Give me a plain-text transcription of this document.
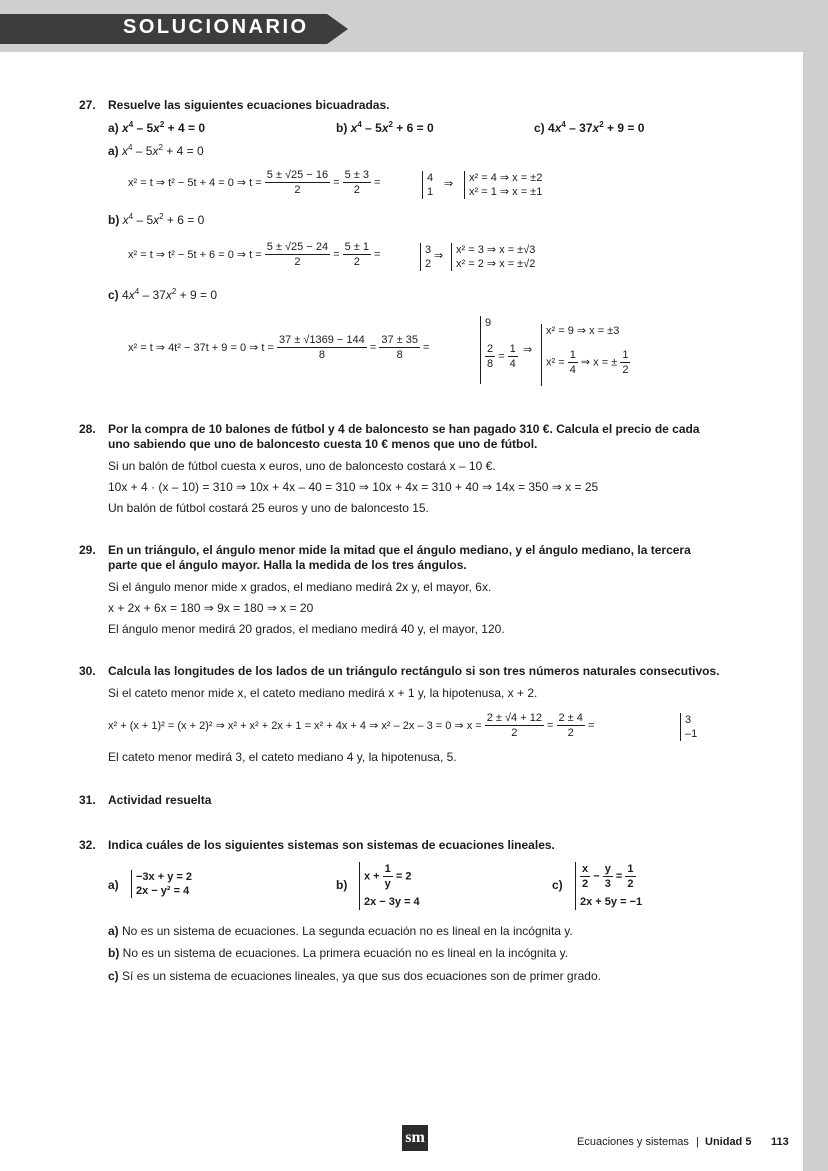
SOLUCIONARIO
27. Resuelve las siguientes ecuaciones bicuadradas.
a) $x^4 - 5x^2 + 4 = 0$	b) $x^4 - 5x^2 + 6 = 0$	c) $4x^4 - 37x^2 + 9 = 0$
a) $x^4 - 5x^2 + 4 = 0$
x² = t ⇒ t² − 5t + 4 = 0 ⇒ $t = \frac{5 \pm √25 - 16}{2} = \frac{5 \pm 3}{2}$ =	4
1
⇒ x² = 4 ⇒ x = ±2
x² = 1 ⇒ x = ±1
b) $x^4 - 5x^2 + 6 = 0$
x² = t ⇒ t² − 5t + 6 = 0 ⇒ $t = \frac{5 \pm √25 - 24}{2} = \frac{5 \pm 1}{2}$ =	3
2
⇒ x² = 3 ⇒ x = ±√3
x² = 2 ⇒ x = ±√2
c) $4x^4 - 37x^2 + 9 = 0$
x² = t ⇒ 4t² − 37t + 9 = 0 ⇒ $t = \frac{37 \pm √1369 - 144}{8} = \frac{37 \pm 35}{8}$ =
9
$\frac{2}{8} = \frac{1}{4}$ ⇒
x² = 9 ⇒ x = ±3
$x^2 = \frac{1}{4}$ ⇒ x = ± $\frac{1}{2}$
28. Por la compra de 10 balones de fútbol y 4 de baloncesto se han pagado 310 €. Calcula el precio de cada
uno sabiendo que uno de baloncesto cuesta 10 € menos que uno de fútbol.
Si un balón de fútbol cuesta x euros, uno de baloncesto costará x – 10 €.
10x + 4 · (x – 10) = 310 ⇒ 10x + 4x – 40 = 310 ⇒ 10x + 4x = 310 + 40 ⇒ 14x = 350 ⇒ x = 25
Un balón de fútbol costará 25 euros y uno de baloncesto 15.
29. En un triángulo, el ángulo menor mide la mitad que el ángulo mediano, y el ángulo mediano, la tercera
parte que el ángulo mayor. Halla la medida de los tres ángulos.
Si el ángulo menor mide x grados, el mediano medirá 2x y, el mayor, 6x.
x + 2x + 6x = 180 ⇒ 9x = 180 ⇒ x = 20
El ángulo menor medirá 20 grados, el mediano medirá 40 y, el mayor, 120.
30. Calcula las longitudes de los lados de un triángulo rectángulo si son tres números naturales consecutivos.
Si el cateto menor mide x, el cateto mediano medirá x + 1 y, la hipotenusa, x + 2.
x² + (x + 1)² = (x + 2)² ⇒ x² + x² + 2x + 1 = x² + 4x + 4 ⇒ x² – 2x – 3 = 0 ⇒ $x = \frac{2 \pm √4 + 12}{2} = \frac{2 \pm 4}{2}$ =	3
–1
El cateto menor medirá 3, el cateto mediano 4 y, la hipotenusa, 5.
31. Actividad resuelta
32. Indica cuáles de los siguientes sistemas son sistemas de ecuaciones lineales.
a)
−3x + y = 2
2x − y² = 4	b)
$x + \frac{1}{y} = 2$
2x − 3y = 4
$c) \frac{x}{2} - \frac{y}{3} = \frac{1}{2}$
2x + 5y = −1
a) No es un sistema de ecuaciones. La segunda ecuación no es lineal en la incógnita y.
b) No es un sistema de ecuaciones. La primera ecuación no es lineal en la incógnita y.
c) Sí es un sistema de ecuaciones lineales, ya que sus dos ecuaciones son de primer grado.
sm	Ecuaciones y sistemas | Unidad 5 113
